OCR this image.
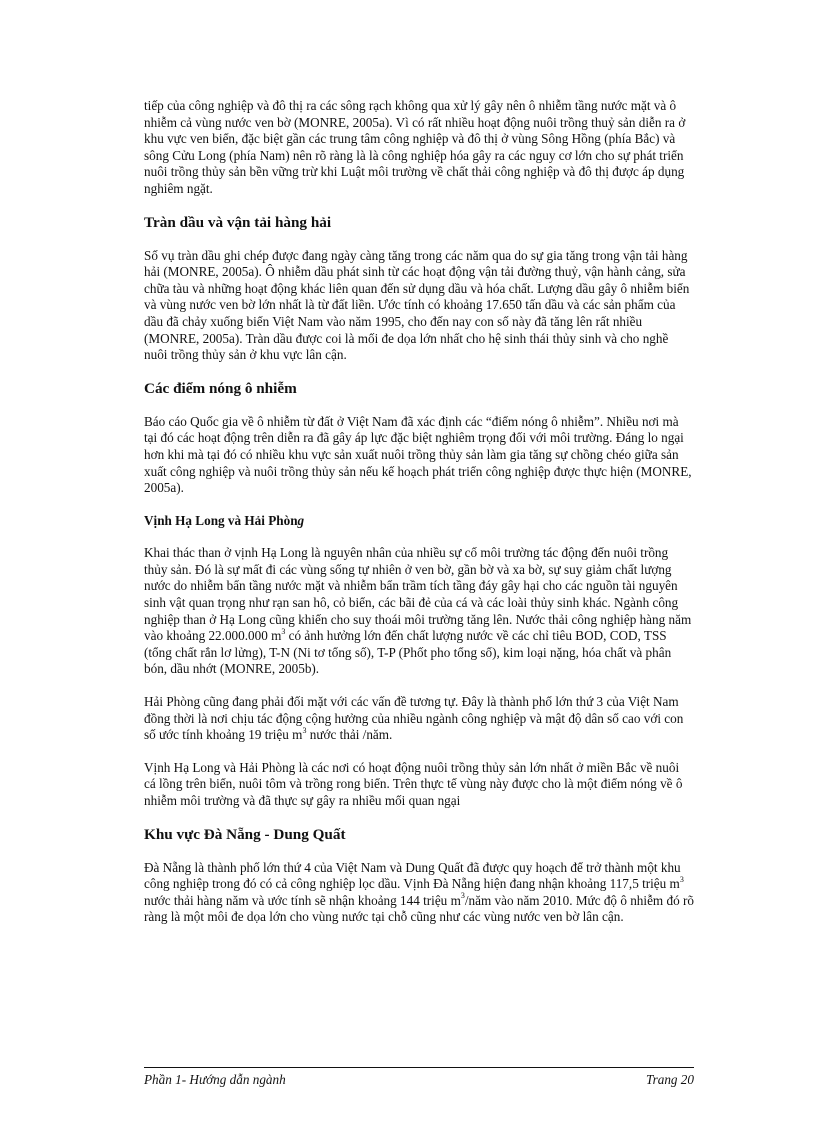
tiếp của công nghiệp và đô thị ra các sông rạch không qua xử lý gây nên ô nhiễm tầng nước mặt và ô nhiễm cả vùng nước ven bờ (MONRE, 2005a). Vì có rất nhiều hoạt động nuôi trồng thuỷ sản diễn ra ở khu vực ven biển, đặc biệt gần các trung tâm công nghiệp và đô thị ở vùng Sông Hồng (phía Bắc) và sông Cửu Long (phía Nam) nên rõ ràng là là công nghiệp hóa gây ra các nguy cơ lớn cho sự phát triển nuôi trồng thủy sản bền vững trừ khi Luật môi trường về chất thải công nghiệp và đô thị được áp dụng nghiêm ngặt.

Tràn dầu và vận tải hàng hải

Số vụ tràn dầu ghi chép được đang ngày càng tăng trong các năm qua do sự gia tăng trong vận tải hàng hải (MONRE, 2005a). Ô nhiễm dầu phát sinh từ các hoạt động vận tải đường thuỷ, vận hành cảng, sửa chữa tàu và những hoạt động khác liên quan đến sử dụng dầu và hóa chất. Lượng dầu gây ô nhiễm biển và vùng nước ven bờ lớn nhất là từ đất liền. Ước tính có khoảng 17.650 tấn dầu và các sản phẩm của dầu đã chảy xuống biển Việt Nam vào năm 1995, cho đến nay con số này đã tăng lên rất nhiều (MONRE, 2005a). Tràn dầu được coi là mối đe dọa lớn nhất cho hệ sinh thái thủy sinh và cho nghề nuôi trồng thủy sản ở khu vực lân cận.

Các điểm nóng ô nhiễm

Báo cáo Quốc gia về ô nhiễm từ đất ở Việt Nam đã xác định các “điểm nóng ô nhiễm”. Nhiều nơi mà tại đó các hoạt động trên diễn ra đã gây áp lực đặc biệt nghiêm trọng đối với môi trường. Đáng lo ngại hơn khi mà tại đó có nhiều khu vực sản xuất nuôi trồng thủy sản làm gia tăng sự chồng chéo giữa sản xuất công nghiệp và nuôi trồng thủy sản nếu kế hoạch phát triển công nghiệp được thực hiện (MONRE, 2005a).

Vịnh Hạ Long và Hải Phòng

Khai thác than ở vịnh Hạ Long là nguyên nhân của nhiều sự cố môi trường tác động đến nuôi trồng thủy sản. Đó là sự mất đi các vùng sống tự nhiên ở ven bờ, gần bờ và xa bờ, sự suy giảm chất lượng nước do nhiễm bẩn tầng nước mặt và nhiễm bẩn trầm tích tầng đáy gây hại cho các nguồn tài nguyên sinh vật quan trọng như rạn san hô, cỏ biển, các bãi đẻ của cá và các loài thủy sinh khác. Ngành công nghiệp than ở Hạ Long cũng khiến cho suy thoái môi trường tăng lên. Nước thải công nghiệp hàng năm vào khoảng 22.000.000 $m^3$ có ảnh hưởng lớn đến chất lượng nước về các chỉ tiêu BOD, COD, TSS (tổng chất rắn lơ lửng), T-N (Ni tơ tổng số), T-P (Phốt pho tổng số), kim loại nặng, hóa chất và phân bón, dầu nhớt (MONRE, 2005b).

Hải Phòng cũng đang phải đối mặt với các vấn đề tương tự. Đây là thành phố lớn thứ 3 của Việt Nam đồng thời là nơi chịu tác động cộng hưởng của nhiều ngành công nghiệp và mật độ dân số cao với con số ước tính khoảng 19 triệu $m^3$ nước thải /năm.

Vịnh Hạ Long và Hải Phòng là các nơi có hoạt động nuôi trồng thủy sản lớn nhất ở miền Bắc về nuôi cá lồng trên biển, nuôi tôm và trồng rong biển. Trên thực tế vùng này được cho là một điểm nóng về ô nhiễm môi trường và đã thực sự gây ra nhiều mối quan ngại

Khu vực Đà Nẵng - Dung Quất

Đà Nẵng là thành phố lớn thứ 4 của Việt Nam và Dung Quất đã được quy hoạch để trở thành một khu công nghiệp trong đó có cả công nghiệp lọc dầu. Vịnh Đà Nẵng hiện đang nhận khoảng 117,5 triệu $m^3$ nước thải hàng năm và ước tính sẽ nhận khoảng 144 triệu $m^3$/năm vào năm 2010. Mức độ ô nhiễm đó rõ ràng là một môi đe dọa lớn cho vùng nước tại chỗ cũng như các vùng nước ven bờ lân cận.

Phần 1- Hướng dẫn ngành	Trang 20
